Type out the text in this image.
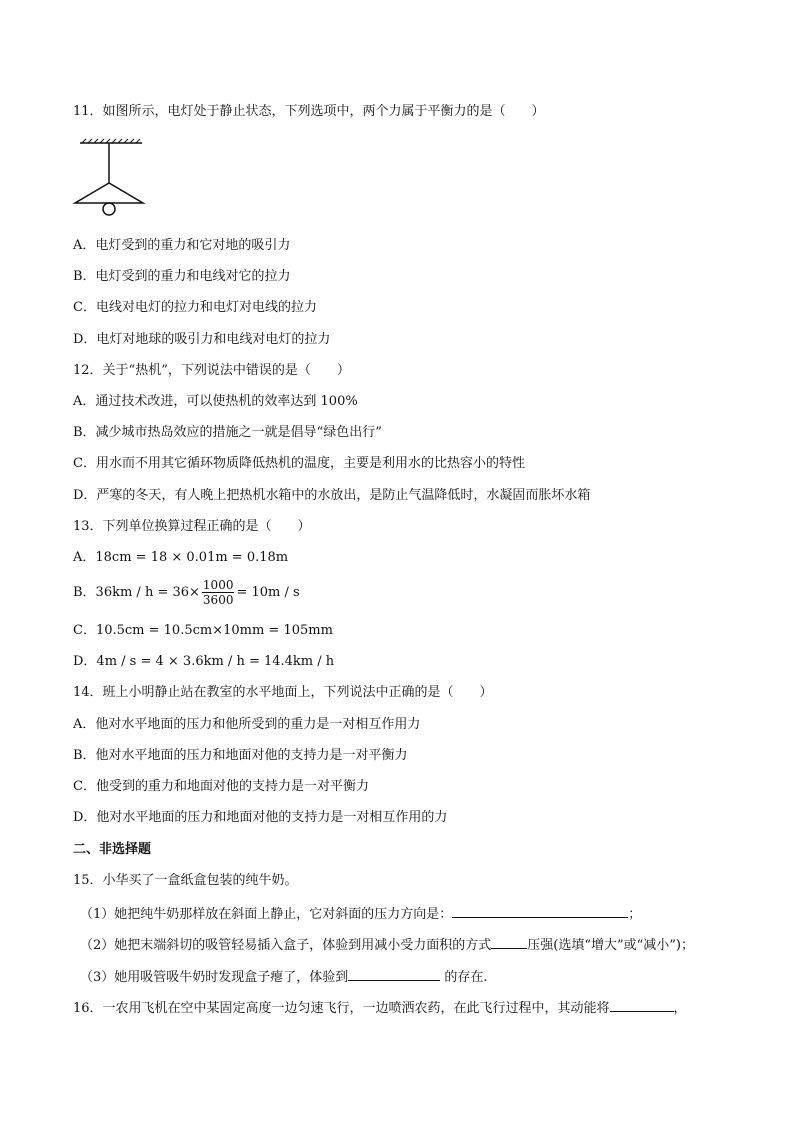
11．如图所示，电灯处于静止状态，下列选项中，两个力属于平衡力的是（　　）
A．电灯受到的重力和它对地的吸引力
B．电灯受到的重力和电线对它的拉力
C．电线对电灯的拉力和电灯对电线的拉力
D．电灯对地球的吸引力和电线对电灯的拉力
12．关于“热机”，下列说法中错误的是（　　）
A．通过技术改进，可以使热机的效率达到 100%
B．减少城市热岛效应的措施之一就是倡导“绿色出行”
C．用水而不用其它循环物质降低热机的温度，主要是利用水的比热容小的特性
D．严寒的冬天，有人晚上把热机水箱中的水放出，是防止气温降低时，水凝固而胀坏水箱
13．下列单位换算过程正确的是（　　）
A．18cm = 18 × 0.01m = 0.18m
B．$36km / h = 36\times \frac{1000}{3600} = 10m / s$
C．10.5cm = 10.5cm×10mm = 105mm
D．4m / s = 4 × 3.6km / h = 14.4km / h
14．班上小明静止站在教室的水平地面上，下列说法中正确的是（　　）
A．他对水平地面的压力和他所受到的重力是一对相互作用力
B．他对水平地面的压力和地面对他的支持力是一对平衡力
C．他受到的重力和地面对他的支持力是一对平衡力
D．他对水平地面的压力和地面对他的支持力是一对相互作用的力
二、非选择题
15．小华买了一盒纸盒包装的纯牛奶。
（1）她把纯牛奶那样放在斜面上静止，它对斜面的压力方向是：	；
（2）她把末端斜切的吸管轻易插入盒子，体验到用减小受力面积的方式	压强(选填“增大”或“减小”)；
（3）她用吸管吸牛奶时发现盒子瘪了，体验到	的存在.
16．一农用飞机在空中某固定高度一边匀速飞行，一边喷洒农药，在此飞行过程中，其动能将	，
